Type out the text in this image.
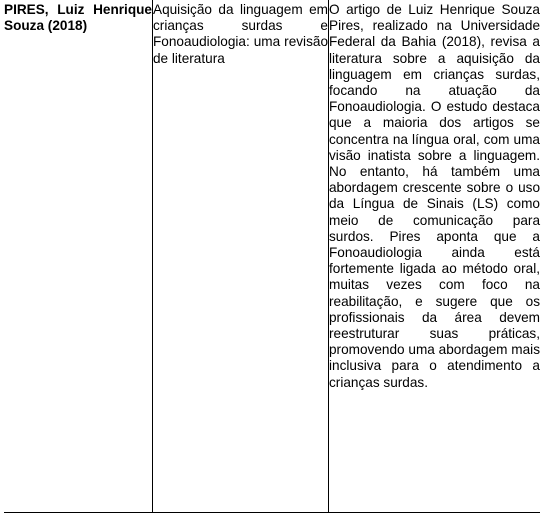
PIRES, Luiz Henrique Souza (2018)	Aquisição da linguagem em crianças surdas e Fonoaudiologia: uma revisão de literatura	O artigo de Luiz Henrique Souza Pires, realizado na Universidade Federal da Bahia (2018), revisa a literatura sobre a aquisição da linguagem em crianças surdas, focando na atuação da Fonoaudiologia. O estudo destaca que a maioria dos artigos se concentra na língua oral, com uma visão inatista sobre a linguagem. No entanto, há também uma abordagem crescente sobre o uso da Língua de Sinais (LS) como meio de comunicação para surdos. Pires aponta que a Fonoaudiologia ainda está fortemente ligada ao método oral, muitas vezes com foco na reabilitação, e sugere que os profissionais da área devem reestruturar suas práticas, promovendo uma abordagem mais inclusiva para o atendimento a crianças surdas.
